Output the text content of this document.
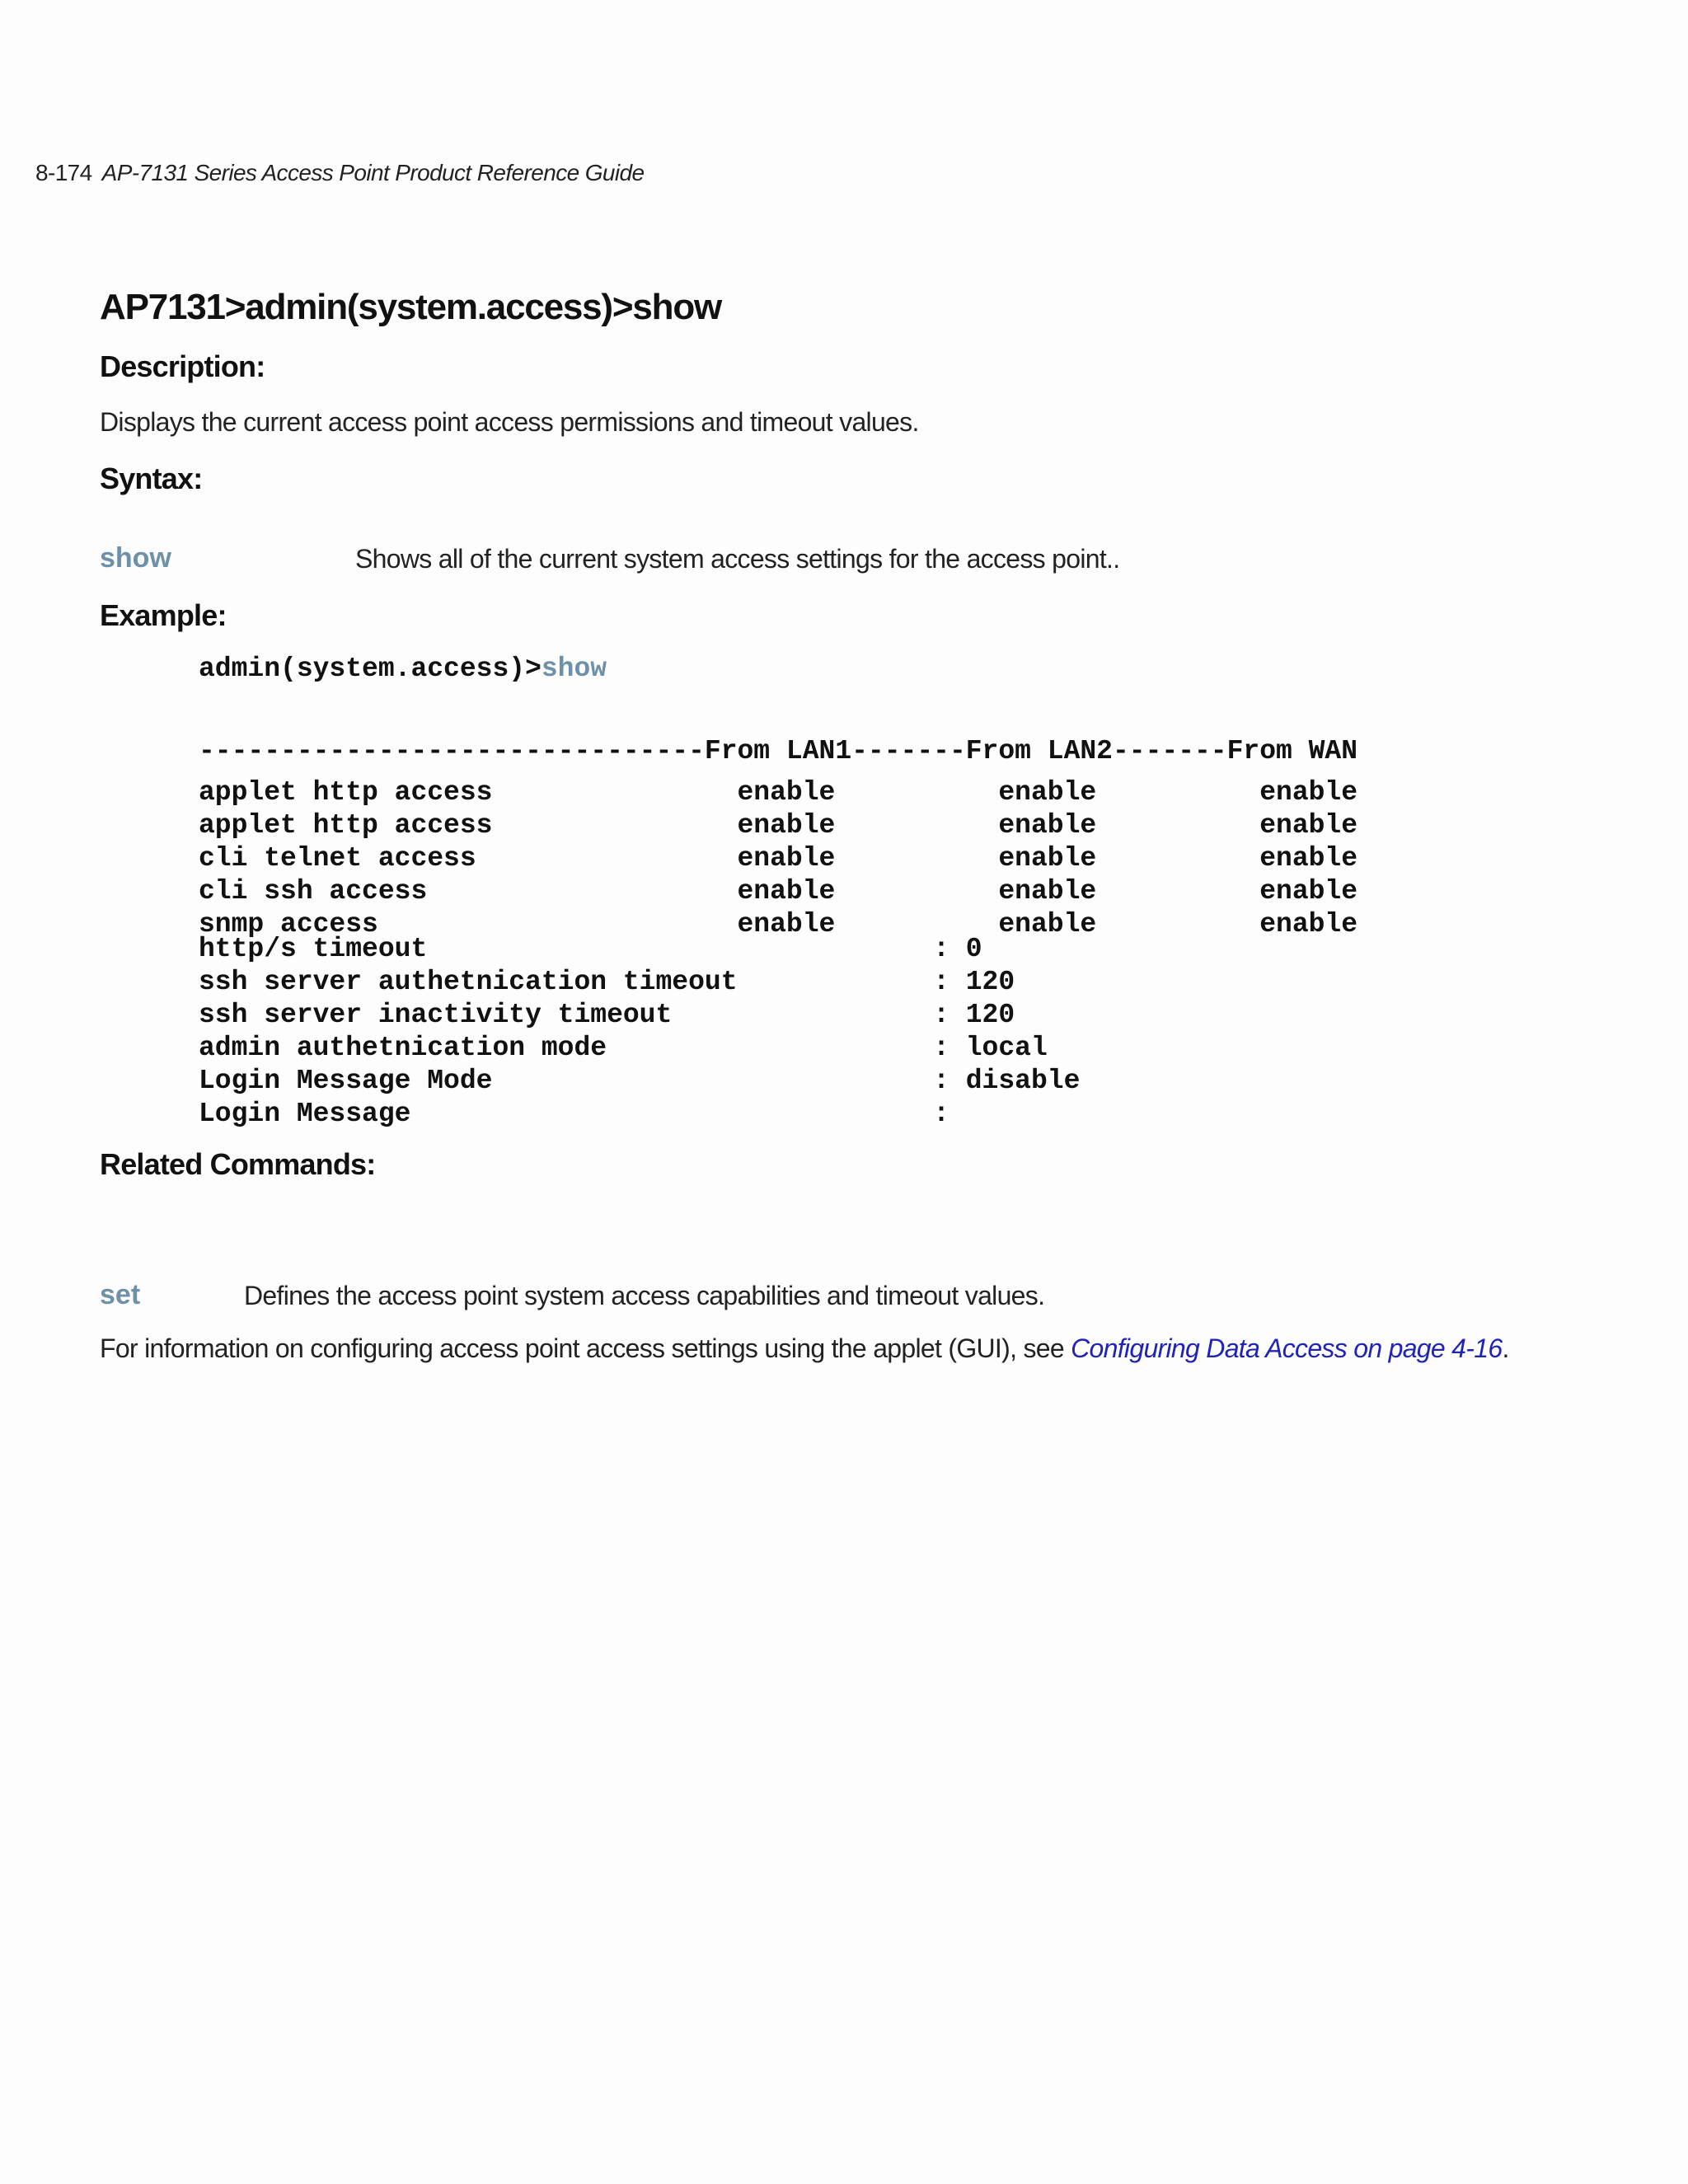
8-174 AP-7131 Series Access Point Product Reference Guide
AP7131>admin(system.access)>show
Description:

Displays the current access point access permissions and timeout values.

Syntax:
show	Shows all of the current system access settings for the access point..
Example:
admin(system.access)>show
-------------------------------From LAN1-------From LAN2-------From WAN
applet http access               enable          enable          enable
applet http access               enable          enable          enable
cli telnet access                enable          enable          enable
cli ssh access                   enable          enable          enable
snmp access                      enable          enable          enable
http/s timeout                               : 0
ssh server authetnication timeout            : 120
ssh server inactivity timeout                : 120
admin authetnication mode                    : local
Login Message Mode                           : disable
Login Message                                :
Related Commands:
set	Defines the access point system access capabilities and timeout values.

For information on configuring access point access settings using the applet (GUI), see Configuring Data Access on page 4-16.
